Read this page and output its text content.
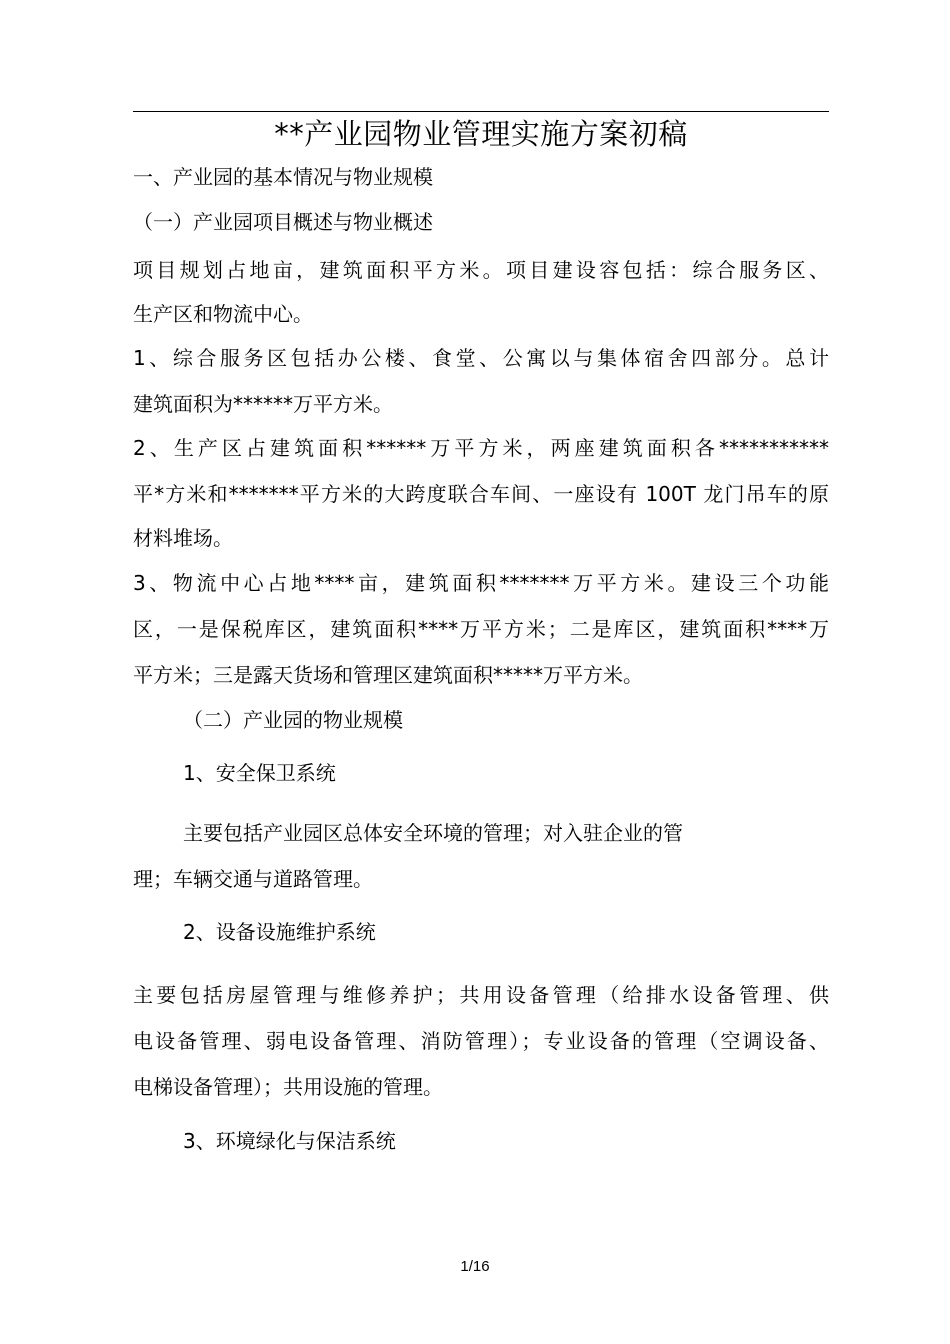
**产业园物业管理实施方案初稿
一、产业园的基本情况与物业规模
（一）产业园项目概述与物业概述
项目规划占地亩，建筑面积平方米。项目建设容包括：综合服务区、
生产区和物流中心。
1、综合服务区包括办公楼、食堂、公寓以与集体宿舍四部分。总计
建筑面积为******万平方米。
2、生产区占建筑面积******万平方米，两座建筑面积各***********
平*方米和*******平方米的大跨度联合车间、一座设有 100T 龙门吊车的原
材料堆场。
3、物流中心占地****亩，建筑面积*******万平方米。建设三个功能
区，一是保税库区，建筑面积****万平方米；二是库区，建筑面积****万
平方米；三是露天货场和管理区建筑面积*****万平方米。
（二）产业园的物业规模
1、安全保卫系统
主要包括产业园区总体安全环境的管理；对入驻企业的管
理；车辆交通与道路管理。
2、设备设施维护系统
主要包括房屋管理与维修养护；共用设备管理（给排水设备管理、供
电设备管理、弱电设备管理、消防管理）；专业设备的管理（空调设备、
电梯设备管理）；共用设施的管理。
3、环境绿化与保洁系统
1/16
